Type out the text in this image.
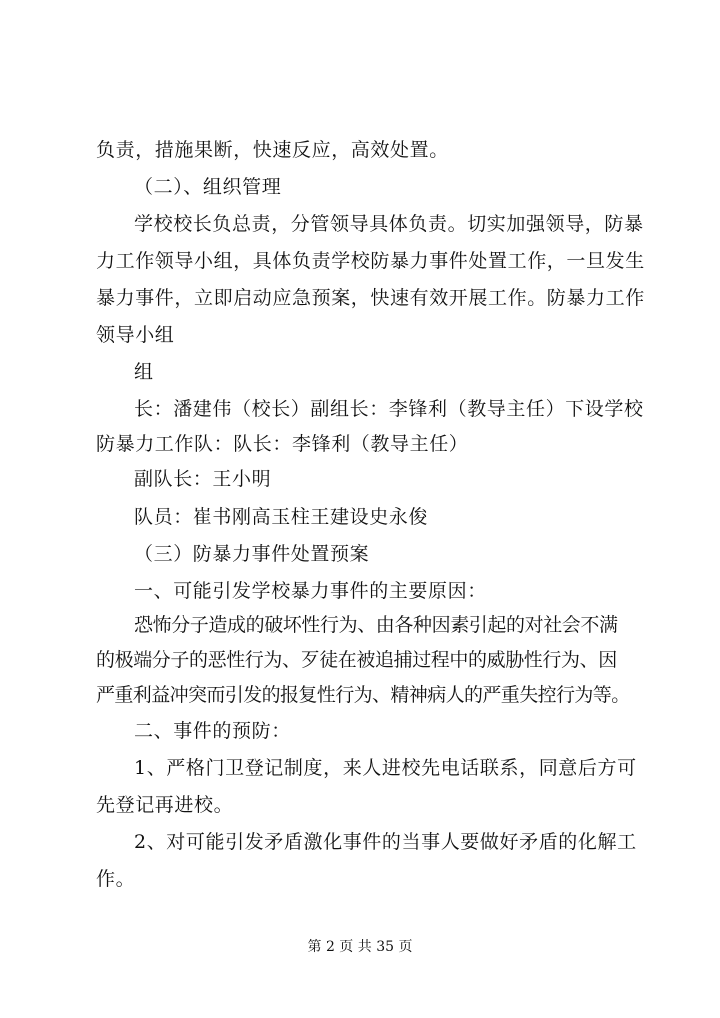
负责，措施果断，快速反应，高效处置。
（二）、组织管理
学校校长负总责，分管领导具体负责。切实加强领导，防暴
力工作领导小组，具体负责学校防暴力事件处置工作，一旦发生
暴力事件，立即启动应急预案，快速有效开展工作。防暴力工作
领导小组
组
长：潘建伟（校长）副组长：李锋利（教导主任）下设学校
防暴力工作队：队长：李锋利（教导主任）
副队长：王小明
队员：崔书刚高玉柱王建设史永俊
（三）防暴力事件处置预案
一、可能引发学校暴力事件的主要原因：
恐怖分子造成的破坏性行为、由各种因素引起的对社会不满
的极端分子的恶性行为、歹徒在被追捕过程中的威胁性行为、因
严重利益冲突而引发的报复性行为、精神病人的严重失控行为等。
二、事件的预防：
1、严格门卫登记制度，来人进校先电话联系，同意后方可
先登记再进校。
2、对可能引发矛盾激化事件的当事人要做好矛盾的化解工
作。
第 2 页 共 35 页
